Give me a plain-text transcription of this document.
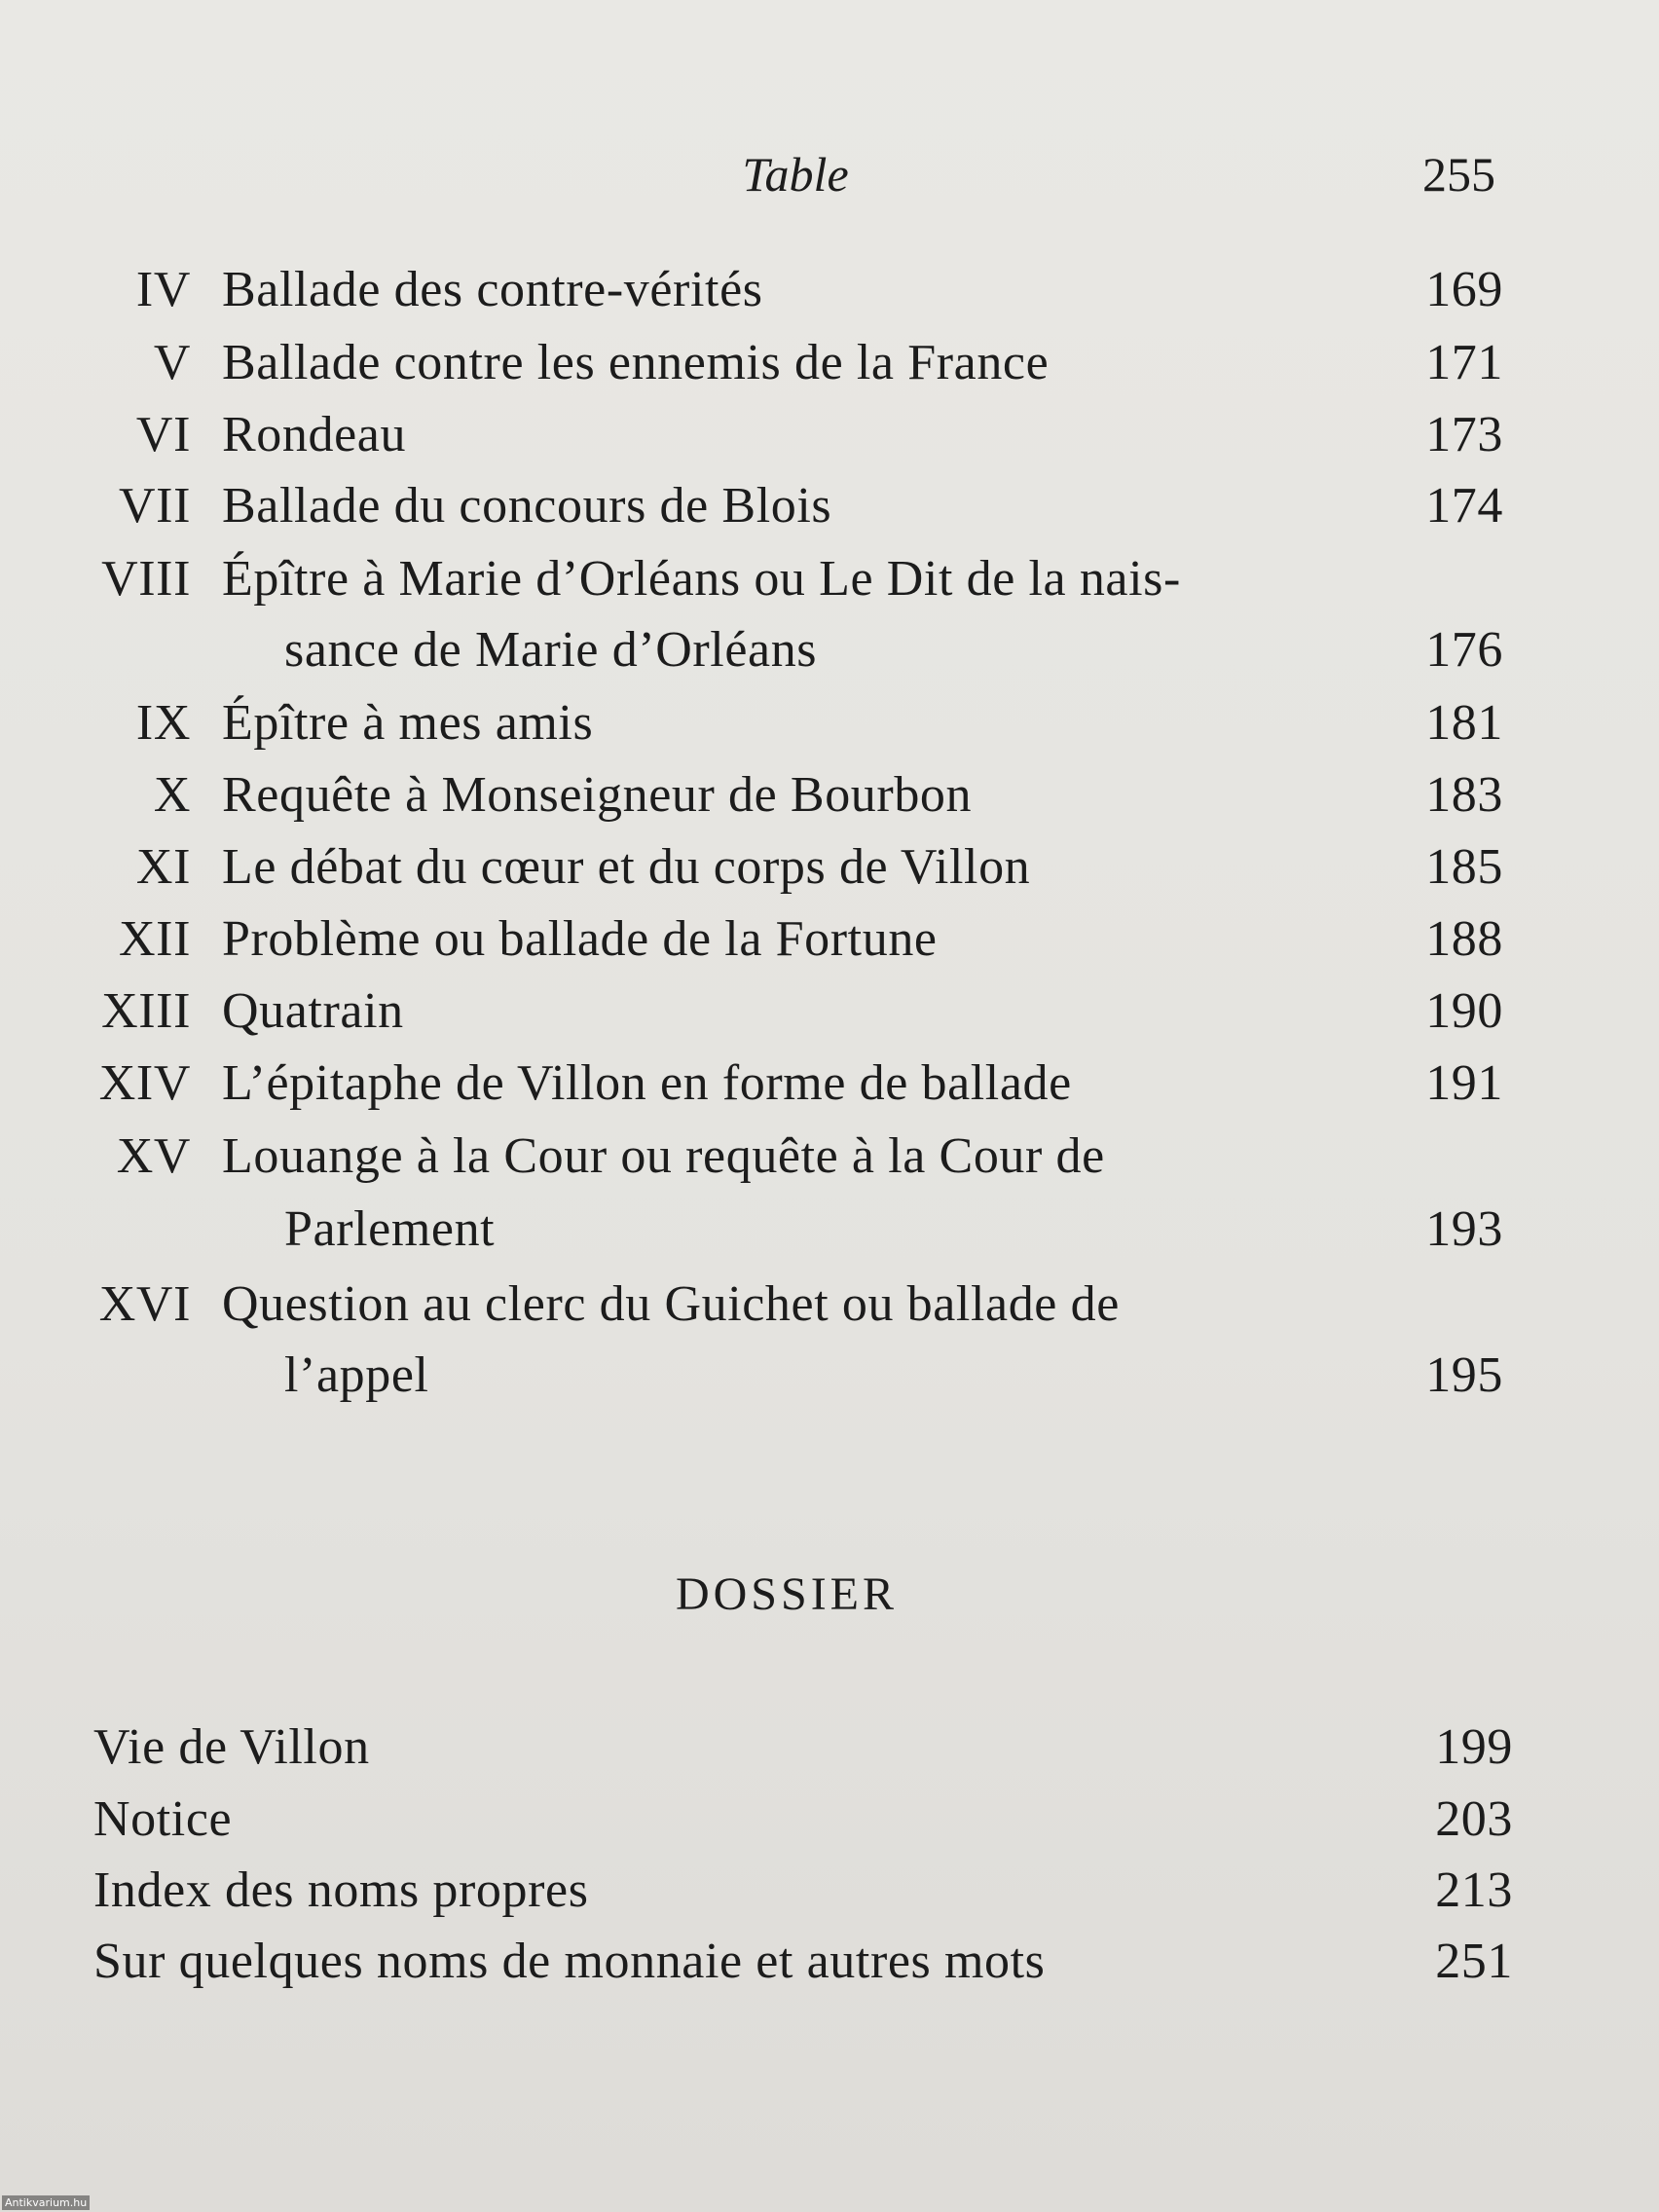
Table	255
IV Ballade des contre-vérités	169
V Ballade contre les ennemis de la France	171
VI Rondeau	173
VII Ballade du concours de Blois	174
VIII Épître à Marie d’Orléans ou Le Dit de la nais-
sance de Marie d’Orléans	176
IX Épître à mes amis	181
X Requête à Monseigneur de Bourbon	183
XI Le débat du cœur et du corps de Villon	185
XII Problème ou ballade de la Fortune	188
XIII Quatrain	190
XIV L’épitaphe de Villon en forme de ballade	191
XV Louange à la Cour ou requête à la Cour de
Parlement	193
XVI Question au clerc du Guichet ou ballade de
l’appel	195
DOSSIER
Vie de Villon	199
Notice	203
Index des noms propres	213
Sur quelques noms de monnaie et autres mots	251
Antikvarium.hu
